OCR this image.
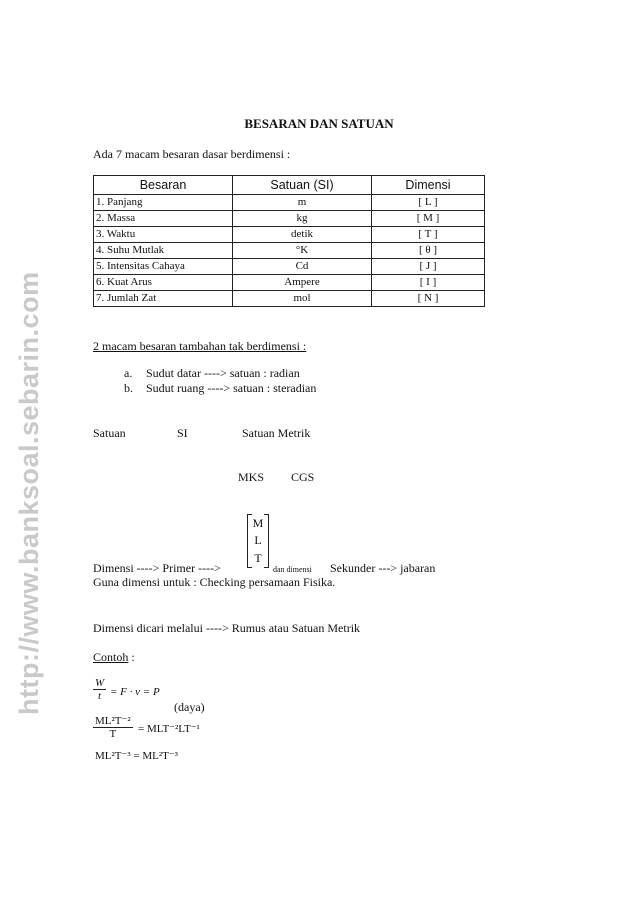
http://www.banksoal.sebarin.com
BESARAN DAN SATUAN
Ada 7 macam besaran dasar berdimensi :
Besaran	Satuan (SI)	Dimensi
1. Panjang	m	[ L ]
2. Massa	kg	[ M ]
3. Waktu	detik	[ T ]
4. Suhu Mutlak	°K	[ θ ]
5. Intensitas Cahaya	Cd	[ J ]
6. Kuat Arus	Ampere	[ I ]
7. Jumlah Zat	mol	[ N ]
2 macam besaran tambahan tak berdimensi :
a. Sudut datar ----> satuan : radian
b. Sudut ruang ----> satuan : steradian
Satuan	SI	Satuan Metrik
MKS CGS
M
L
T
Dimensi ----> Primer ---->	dan dimensi Sekunder ---> jabaran
Guna dimensi untuk : Checking persamaan Fisika.
Dimensi dicari melalui ----> Rumus atau Satuan Metrik
Contoh :
$\frac{W}{t} = F \cdot v = P$
(daya)
$\frac{\text{ML²T⁻²}}{T} = MLT^{-2}LT^{-1}$
ML²T⁻³ = ML²T⁻³
